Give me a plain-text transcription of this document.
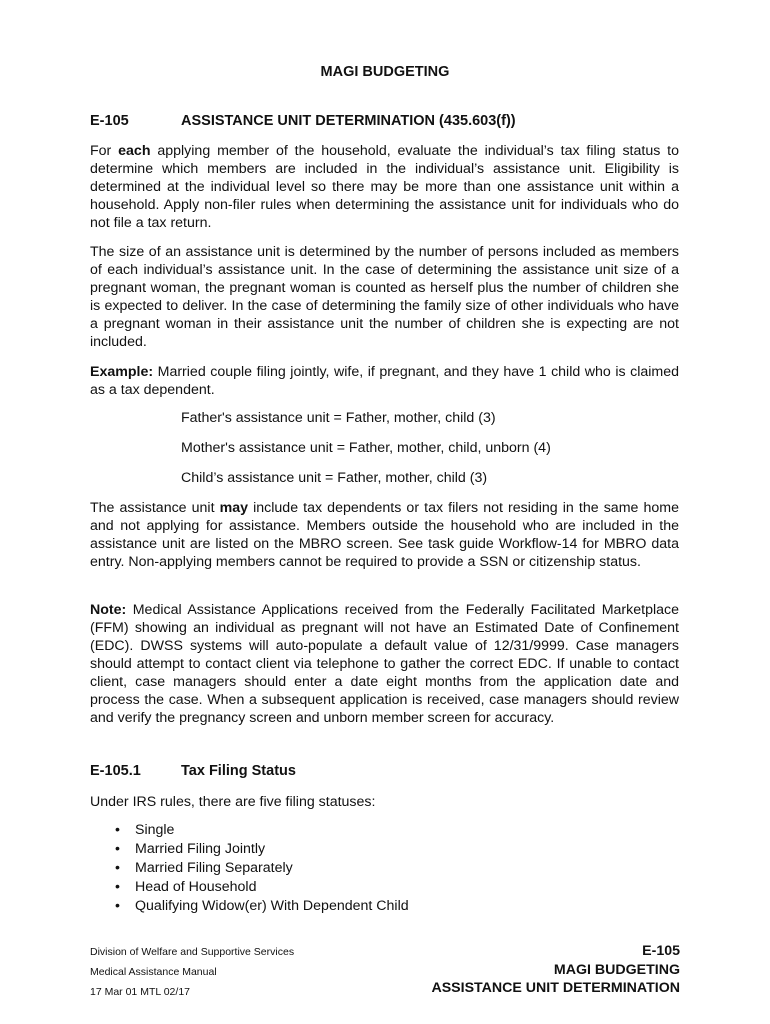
MAGI BUDGETING
E-105	ASSISTANCE UNIT DETERMINATION (435.603(f))

For each applying member of the household, evaluate the individual’s tax filing status to determine which members are included in the individual’s assistance unit. Eligibility is determined at the individual level so there may be more than one assistance unit within a household. Apply non-filer rules when determining the assistance unit for individuals who do not file a tax return.

The size of an assistance unit is determined by the number of persons included as members of each individual’s assistance unit. In the case of determining the assistance unit size of a pregnant woman, the pregnant woman is counted as herself plus the number of children she is expected to deliver. In the case of determining the family size of other individuals who have a pregnant woman in their assistance unit the number of children she is expecting are not included.

Example: Married couple filing jointly, wife, if pregnant, and they have 1 child who is claimed as a tax dependent.

Father's assistance unit = Father, mother, child (3)
Mother's assistance unit = Father, mother, child, unborn (4)
Child’s assistance unit = Father, mother, child (3)

The assistance unit may include tax dependents or tax filers not residing in the same home and not applying for assistance. Members outside the household who are included in the assistance unit are listed on the MBRO screen. See task guide Workflow-14 for MBRO data entry. Non-applying members cannot be required to provide a SSN or citizenship status.

Note: Medical Assistance Applications received from the Federally Facilitated Marketplace (FFM) showing an individual as pregnant will not have an Estimated Date of Confinement (EDC). DWSS systems will auto-populate a default value of 12/31/9999. Case managers should attempt to contact client via telephone to gather the correct EDC. If unable to contact client, case managers should enter a date eight months from the application date and process the case. When a subsequent application is received, case managers should review and verify the pregnancy screen and unborn member screen for accuracy.

E-105.1	Tax Filing Status

Under IRS rules, there are five filing statuses:

• Single
• Married Filing Jointly
• Married Filing Separately
• Head of Household
• Qualifying Widow(er) With Dependent Child
Division of Welfare and Supportive Services
Medical Assistance Manual
17 Mar 01 MTL 02/17
E-105
MAGI BUDGETING
ASSISTANCE UNIT DETERMINATION
